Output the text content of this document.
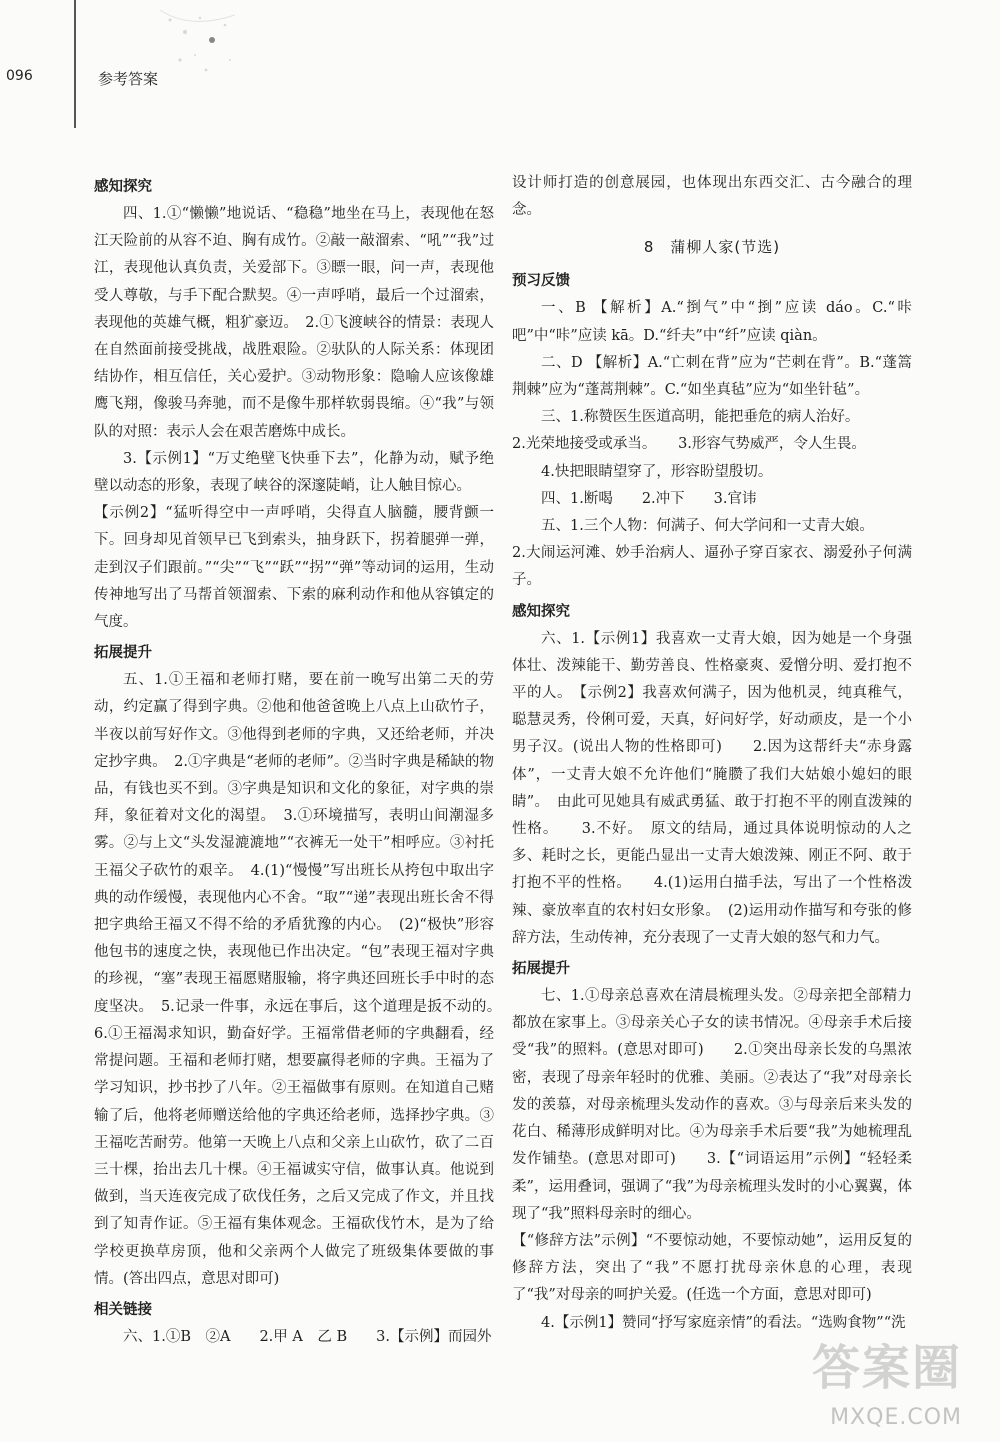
096	参考答案
感知探究

四、1.①“懒懒”地说话、“稳稳”地坐在马上，表现他在怒江天险前的从容不迫、胸有成竹。②敲一敲溜索、“吼”“我”过江，表现他认真负责，关爱部下。③瞟一眼，问一声，表现他受人尊敬，与手下配合默契。④一声呼哨，最后一个过溜索，表现他的英雄气概，粗犷豪迈。　2.①飞渡峡谷的情景：表现人在自然面前接受挑战，战胜艰险。②驮队的人际关系：体现团结协作，相互信任，关心爱护。③动物形象：隐喻人应该像雄鹰飞翔，像骏马奔驰，而不是像牛那样软弱畏缩。④“我”与领队的对照：表示人会在艰苦磨炼中成长。

3.【示例1】“万丈绝壁飞快垂下去”，化静为动，赋予绝壁以动态的形象，表现了峡谷的深邃陡峭，让人触目惊心。

【示例2】“猛听得空中一声呼哨，尖得直人脑髓，腰背颤一下。回身却见首领早已飞到索头，抽身跃下，拐着腿弹一弹，走到汉子们跟前。”“尖”“飞”“跃”“拐”“弹”等动词的运用，生动传神地写出了马帮首领溜索、下索的麻利动作和他从容镇定的气度。

拓展提升

五、1.①王福和老师打赌，要在前一晚写出第二天的劳动，约定赢了得到字典。②他和他爸爸晚上八点上山砍竹子，半夜以前写好作文。③他得到老师的字典，又还给老师，并决定抄字典。　2.①字典是“老师的老师”。②当时字典是稀缺的物品，有钱也买不到。③字典是知识和文化的象征，对字典的崇拜，象征着对文化的渴望。　3.①环境描写，表明山间潮湿多雾。②与上文“头发湿漉漉地”“衣裤无一处干”相呼应。③衬托王福父子砍竹的艰辛。　4.(1)“慢慢”写出班长从挎包中取出字典的动作缓慢，表现他内心不舍。“取”“递”表现出班长舍不得把字典给王福又不得不给的矛盾犹豫的内心。　(2)“极快”形容他包书的速度之快，表现他已作出决定。“包”表现王福对字典的珍视，“塞”表现王福愿赌服输，将字典还回班长手中时的态度坚决。　5.记录一件事，永远在事后，这个道理是扳不动的。　6.①王福渴求知识，勤奋好学。王福常借老师的字典翻看，经常提问题。王福和老师打赌，想要赢得老师的字典。王福为了学习知识，抄书抄了八年。②王福做事有原则。在知道自己赌输了后，他将老师赠送给他的字典还给老师，选择抄字典。③王福吃苦耐劳。他第一天晚上八点和父亲上山砍竹，砍了二百三十棵，抬出去几十棵。④王福诚实守信，做事认真。他说到做到，当天连夜完成了砍伐任务，之后又完成了作文，并且找到了知青作证。⑤王福有集体观念。王福砍伐竹木，是为了给学校更换草房顶，他和父亲两个人做完了班级集体要做的事情。(答出四点，意思对即可)

相关链接

六、1.①B　②A　　2.甲 A　乙 B　　3.【示例】而园外

设计师打造的创意展园，也体现出东西交汇、古今融合的理念。

8　蒲柳人家(节选)
预习反馈

一、B 【解析】A.“捯气”中“捯”应读 dáo。C.“咔吧”中“咔”应读 kā。D.“纤夫”中“纤”应读 qiàn。

二、D 【解析】A.“亡刺在背”应为“芒刺在背”。B.“蓬篙荆棘”应为“蓬蒿荆棘”。C.“如坐真毡”应为“如坐针毡”。

三、1.称赞医生医道高明，能把垂危的病人治好。

2.光荣地接受或承当。　　3.形容气势威严，令人生畏。

4.快把眼睛望穿了，形容盼望殷切。

四、1.断喝　　2.冲下　　3.官讳

五、1.三个人物：何满子、何大学问和一丈青大娘。

2.大闹运河滩、妙手治病人、逼孙子穿百家衣、溺爱孙子何满子。

感知探究

六、1.【示例1】我喜欢一丈青大娘，因为她是一个身强体壮、泼辣能干、勤劳善良、性格豪爽、爱憎分明、爱打抱不平的人。　【示例2】我喜欢何满子，因为他机灵，纯真稚气，聪慧灵秀，伶俐可爱，天真，好问好学，好动顽皮，是一个小男子汉。(说出人物的性格即可)　　2.因为这帮纤夫“赤身露体”，一丈青大娘不允许他们“腌臜了我们大姑娘小媳妇的眼睛”。　由此可见她具有威武勇猛、敢于打抱不平的刚直泼辣的性格。　　3.不好。　原文的结局，通过具体说明惊动的人之多、耗时之长，更能凸显出一丈青大娘泼辣、刚正不阿、敢于打抱不平的性格。　　4.(1)运用白描手法，写出了一个性格泼辣、豪放率直的农村妇女形象。　(2)运用动作描写和夸张的修辞方法，生动传神，充分表现了一丈青大娘的怒气和力气。

拓展提升

七、1.①母亲总喜欢在清晨梳理头发。②母亲把全部精力都放在家事上。③母亲关心子女的读书情况。④母亲手术后接受“我”的照料。(意思对即可)　　2.①突出母亲长发的乌黑浓密，表现了母亲年轻时的优雅、美丽。②表达了“我”对母亲长发的羡慕，对母亲梳理头发动作的喜欢。③与母亲后来头发的花白、稀薄形成鲜明对比。④为母亲手术后要“我”为她梳理乱发作铺垫。(意思对即可)　　3.【“词语运用”示例】“轻轻柔柔”，运用叠词，强调了“我”为母亲梳理头发时的小心翼翼，体现了“我”照料母亲时的细心。

【“修辞方法”示例】“不要惊动她，不要惊动她”，运用反复的修辞方法，突出了“我”不愿打扰母亲休息的心理，表现了“我”对母亲的呵护关爱。(任选一个方面，意思对即可)

4.【示例1】赞同“抒写家庭亲情”的看法。“选购食物”“洗

答案圈
MXQE.COM
